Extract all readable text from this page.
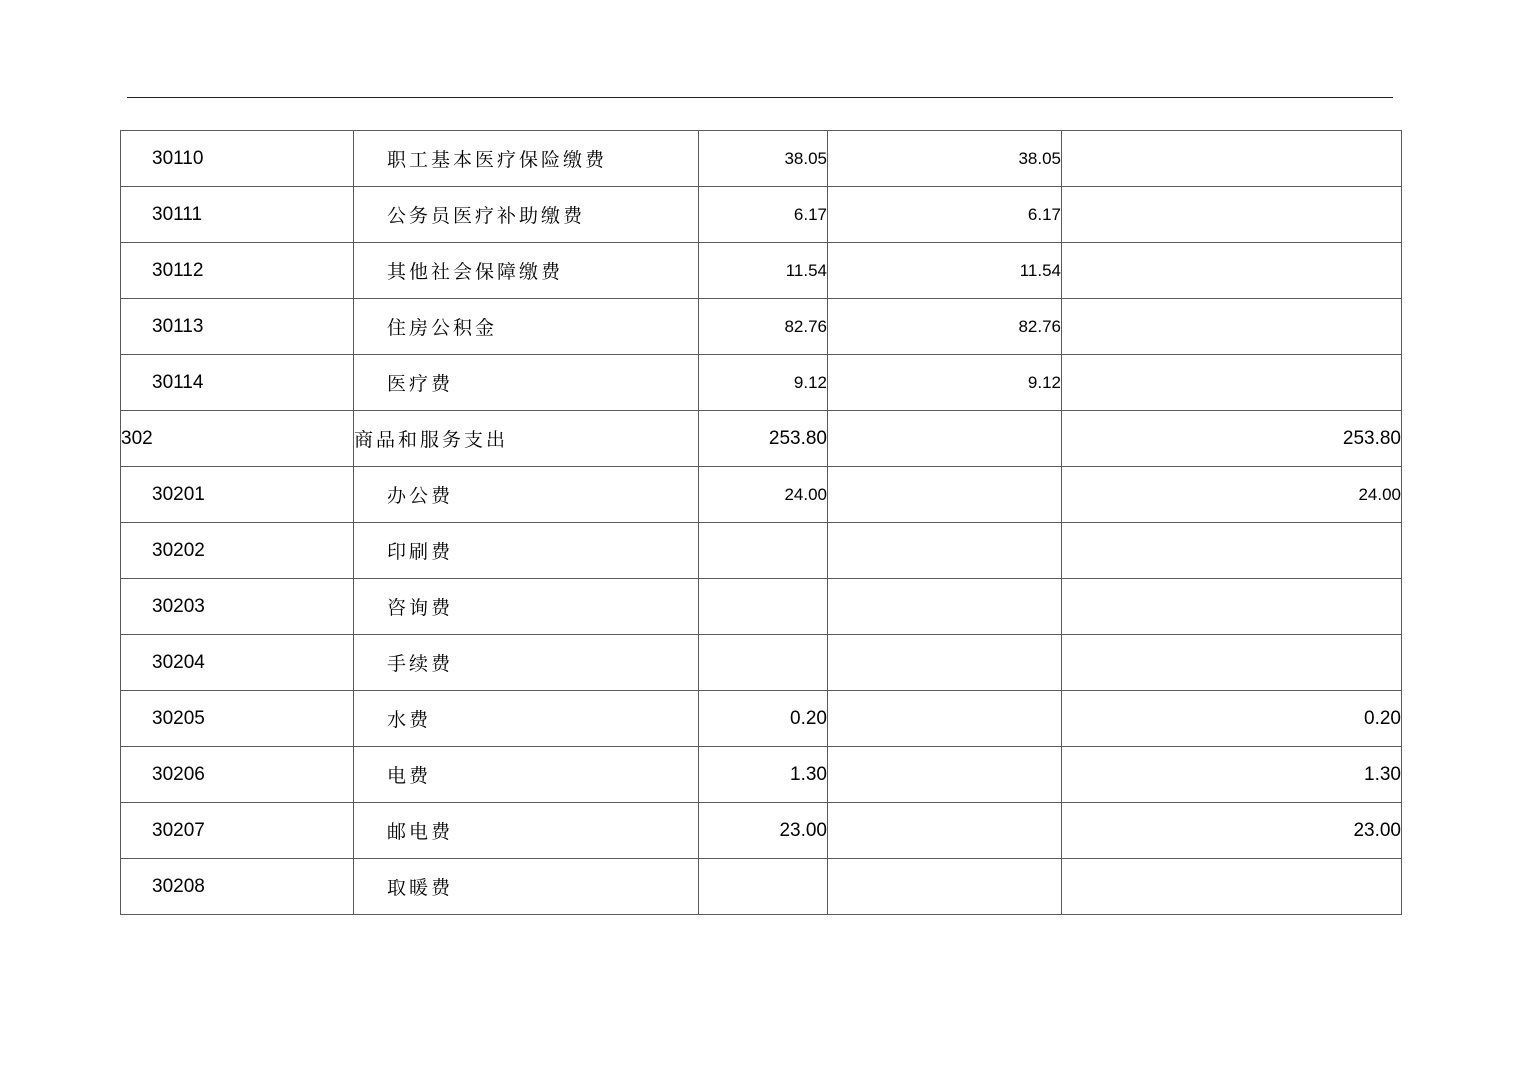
30110	职工基本医疗保险缴费	38.05	38.05	
30111	公务员医疗补助缴费	6.17	6.17	
30112	其他社会保障缴费	11.54	11.54	
30113	住房公积金	82.76	82.76	
30114	医疗费	9.12	9.12	
302	商品和服务支出	253.80		253.80
30201	办公费	24.00		24.00
30202	印刷费			
30203	咨询费			
30204	手续费			
30205	水费	0.20		0.20
30206	电费	1.30		1.30
30207	邮电费	23.00		23.00
30208	取暖费			
